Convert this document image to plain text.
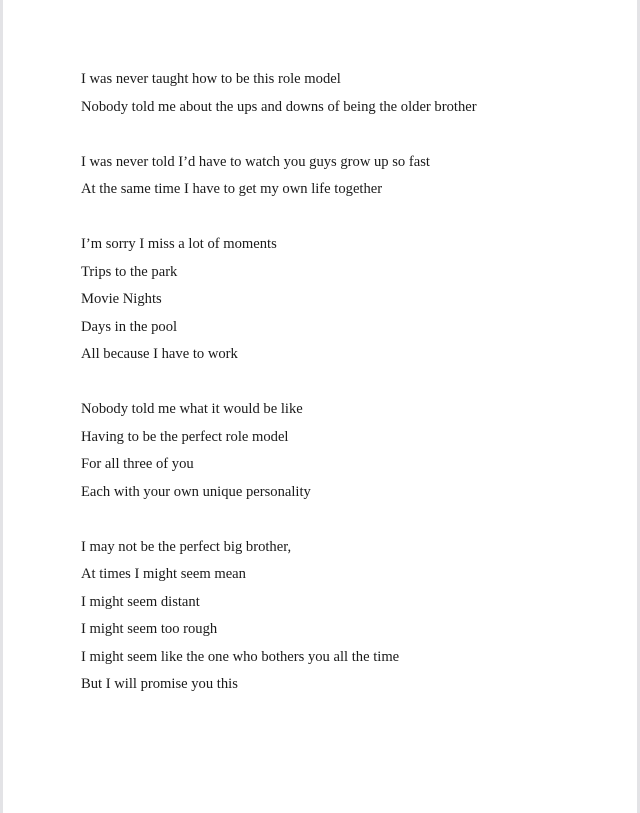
I was never taught how to be this role model
Nobody told me about the ups and downs of being the older brother
I was never told I’d have to watch you guys grow up so fast
At the same time I have to get my own life together
I’m sorry I miss a lot of moments
Trips to the park
Movie Nights
Days in the pool
All because I have to work
Nobody told me what it would be like
Having to be the perfect role model
For all three of you
Each with your own unique personality
I may not be the perfect big brother,
At times I might seem mean
I might seem distant
I might seem too rough
I might seem like the one who bothers you all the time
But I will promise you this
